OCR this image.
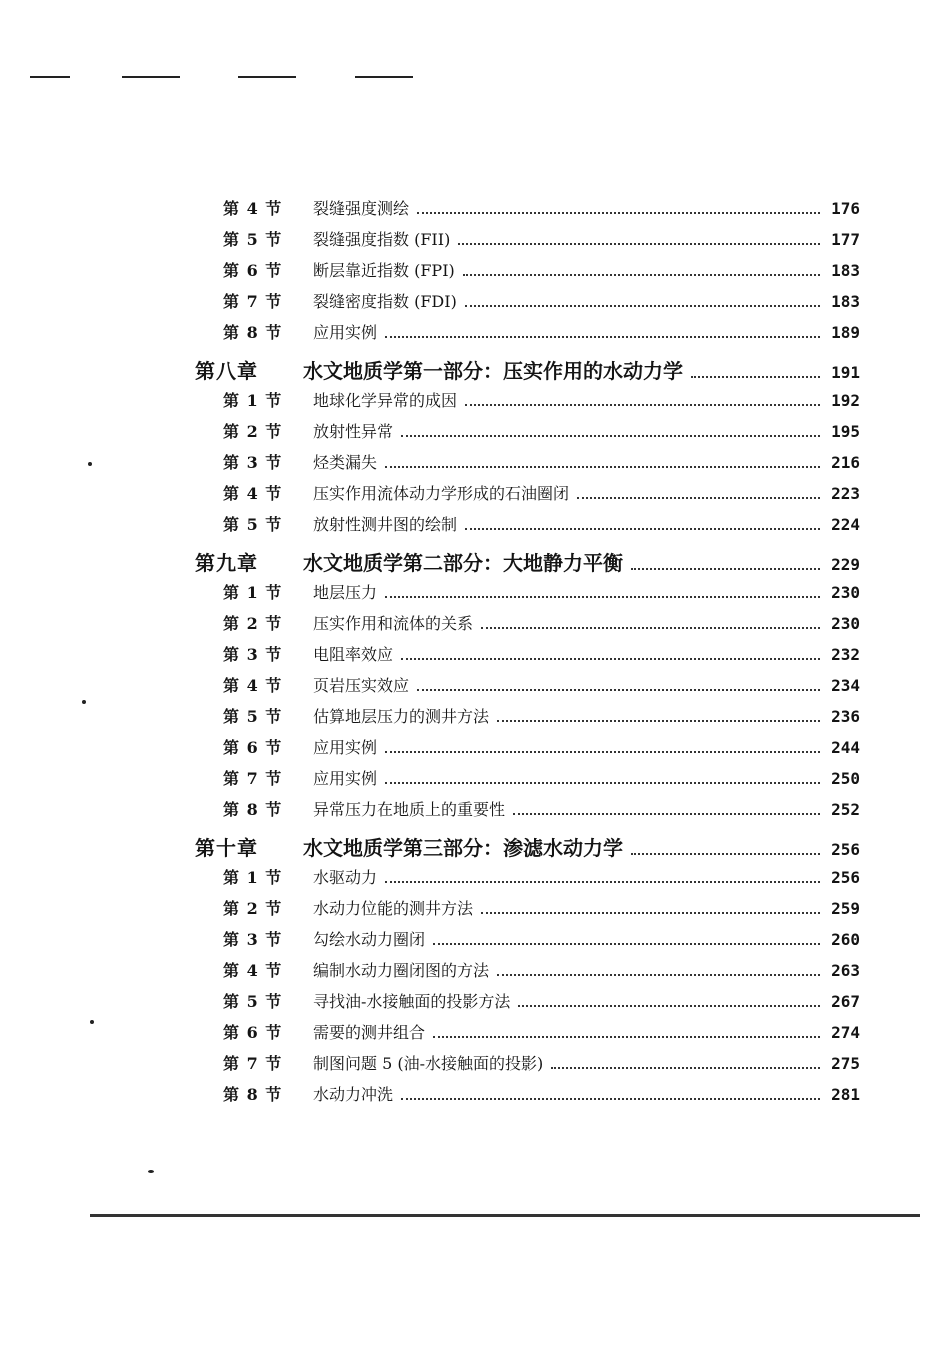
第 4 节	裂缝强度测绘	176
第 5 节	裂缝强度指数 (FII)	177
第 6 节	断层靠近指数 (FPI)	183
第 7 节	裂缝密度指数 (FDI)	183
第 8 节	应用实例	189
第八章	水文地质学第一部分：压实作用的水动力学	191
第 1 节	地球化学异常的成因	192
第 2 节	放射性异常	195
第 3 节	烃类漏失	216
第 4 节	压实作用流体动力学形成的石油圈闭	223
第 5 节	放射性测井图的绘制	224
第九章	水文地质学第二部分：大地静力平衡	229
第 1 节	地层压力	230
第 2 节	压实作用和流体的关系	230
第 3 节	电阻率效应	232
第 4 节	页岩压实效应	234
第 5 节	估算地层压力的测井方法	236
第 6 节	应用实例	244
第 7 节	应用实例	250
第 8 节	异常压力在地质上的重要性	252
第十章	水文地质学第三部分：渗滤水动力学	256
第 1 节	水驱动力	256
第 2 节	水动力位能的测井方法	259
第 3 节	勾绘水动力圈闭	260
第 4 节	编制水动力圈闭图的方法	263
第 5 节	寻找油-水接触面的投影方法	267
第 6 节	需要的测井组合	274
第 7 节	制图问题 5 (油-水接触面的投影)	275
第 8 节	水动力冲洗	281
